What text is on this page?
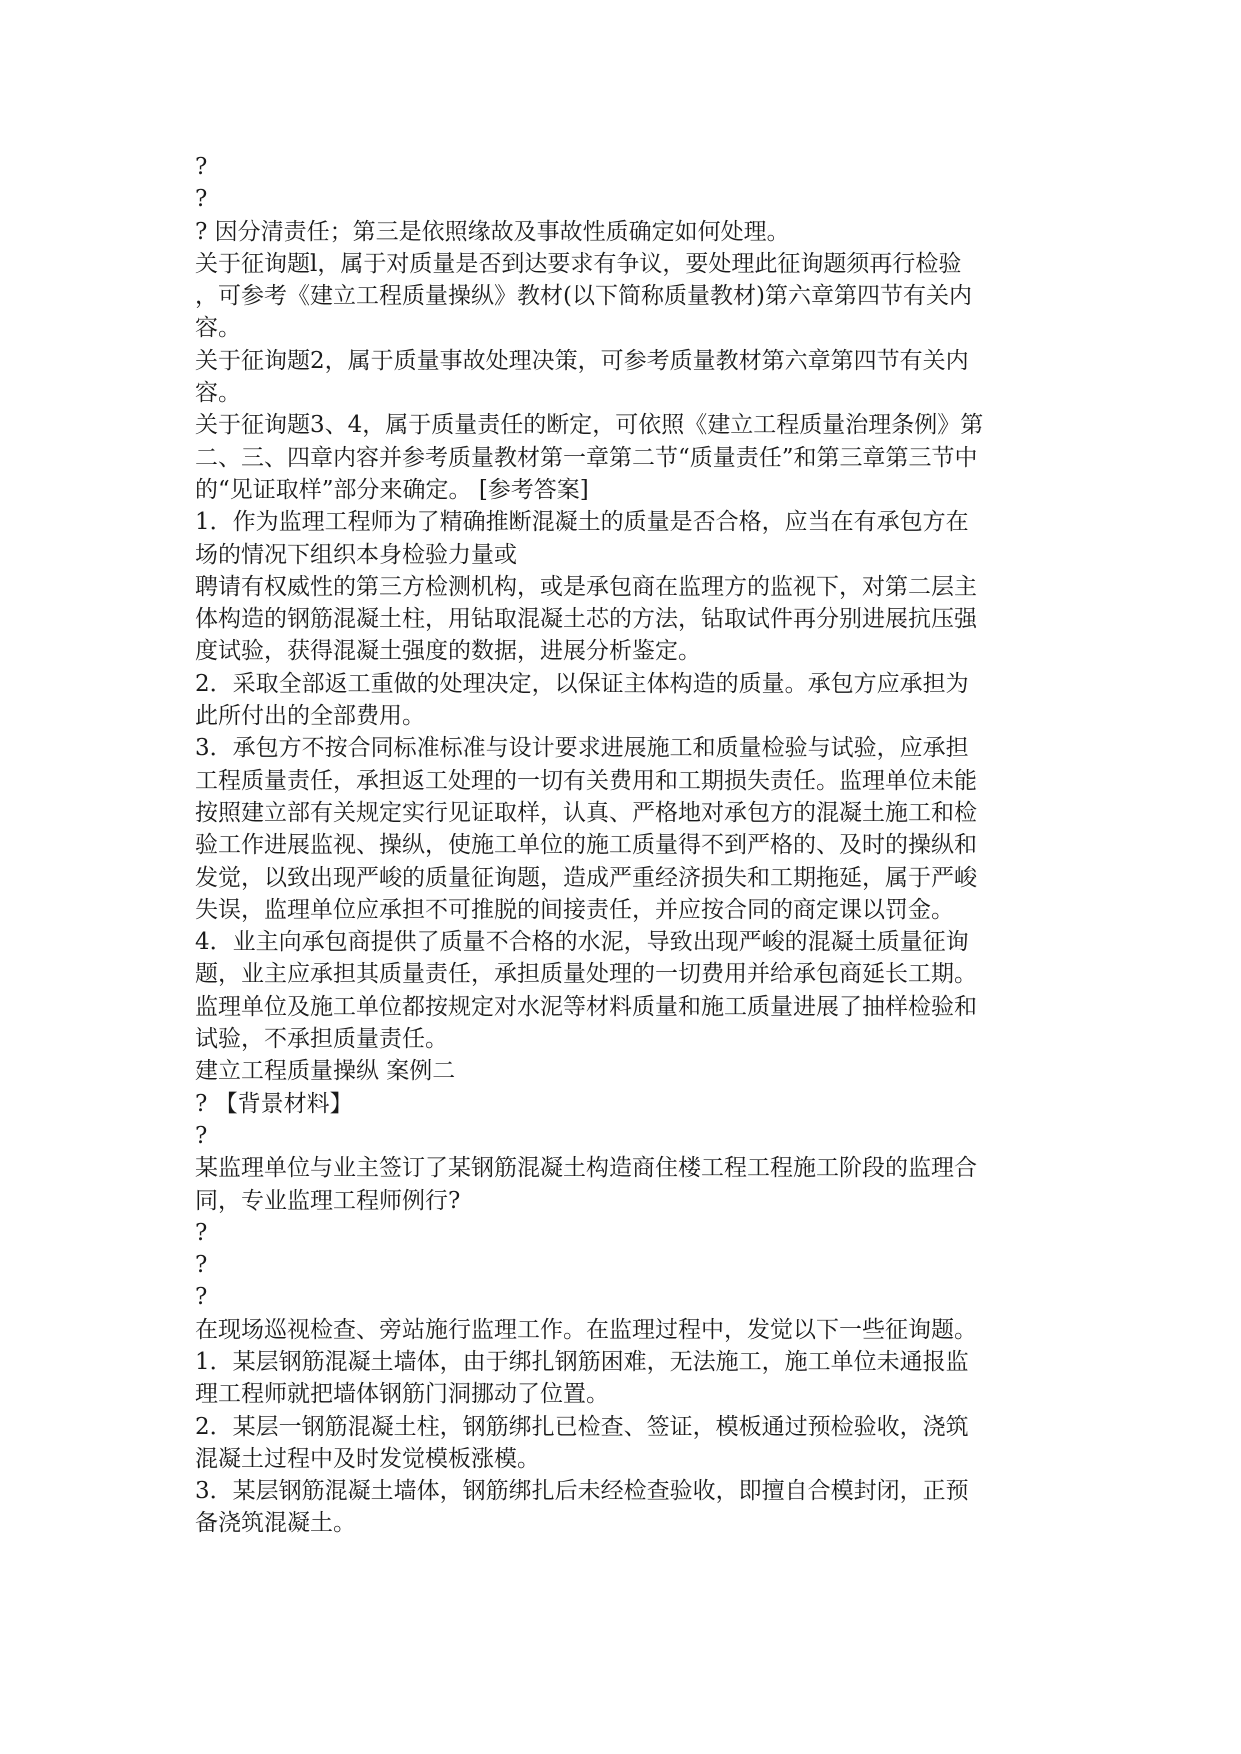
?
?
? 因分清责任；第三是依照缘故及事故性质确定如何处理。
关于征询题l，属于对质量是否到达要求有争议，要处理此征询题须再行检验
，可参考《建立工程质量操纵》教材(以下简称质量教材)第六章第四节有关内
容。
关于征询题2，属于质量事故处理决策，可参考质量教材第六章第四节有关内
容。
关于征询题3、4，属于质量责任的断定，可依照《建立工程质量治理条例》第
二、三、四章内容并参考质量教材第一章第二节“质量责任”和第三章第三节中
的“见证取样”部分来确定。 [参考答案]
1．作为监理工程师为了精确推断混凝土的质量是否合格，应当在有承包方在
场的情况下组织本身检验力量或
聘请有权威性的第三方检测机构，或是承包商在监理方的监视下，对第二层主
体构造的钢筋混凝土柱，用钻取混凝土芯的方法，钻取试件再分别进展抗压强
度试验，获得混凝土强度的数据，进展分析鉴定。
2．采取全部返工重做的处理决定，以保证主体构造的质量。承包方应承担为
此所付出的全部费用。
3．承包方不按合同标准标准与设计要求进展施工和质量检验与试验，应承担
工程质量责任，承担返工处理的一切有关费用和工期损失责任。监理单位未能
按照建立部有关规定实行见证取样，认真、严格地对承包方的混凝土施工和检
验工作进展监视、操纵，使施工单位的施工质量得不到严格的、及时的操纵和
发觉，以致出现严峻的质量征询题，造成严重经济损失和工期拖延，属于严峻
失误，监理单位应承担不可推脱的间接责任，并应按合同的商定课以罚金。
4．业主向承包商提供了质量不合格的水泥，导致出现严峻的混凝土质量征询
题，业主应承担其质量责任，承担质量处理的一切费用并给承包商延长工期。
监理单位及施工单位都按规定对水泥等材料质量和施工质量进展了抽样检验和
试验，不承担质量责任。
建立工程质量操纵 案例二
? 【背景材料】
?
某监理单位与业主签订了某钢筋混凝土构造商住楼工程工程施工阶段的监理合
同，专业监理工程师例行?
?
?
?
在现场巡视检查、旁站施行监理工作。在监理过程中，发觉以下一些征询题。
1．某层钢筋混凝土墙体，由于绑扎钢筋困难，无法施工，施工单位未通报监
理工程师就把墙体钢筋门洞挪动了位置。
2．某层一钢筋混凝土柱，钢筋绑扎已检查、签证，模板通过预检验收，浇筑
混凝土过程中及时发觉模板涨模。
3．某层钢筋混凝土墙体，钢筋绑扎后未经检查验收，即擅自合模封闭，正预
备浇筑混凝土。
